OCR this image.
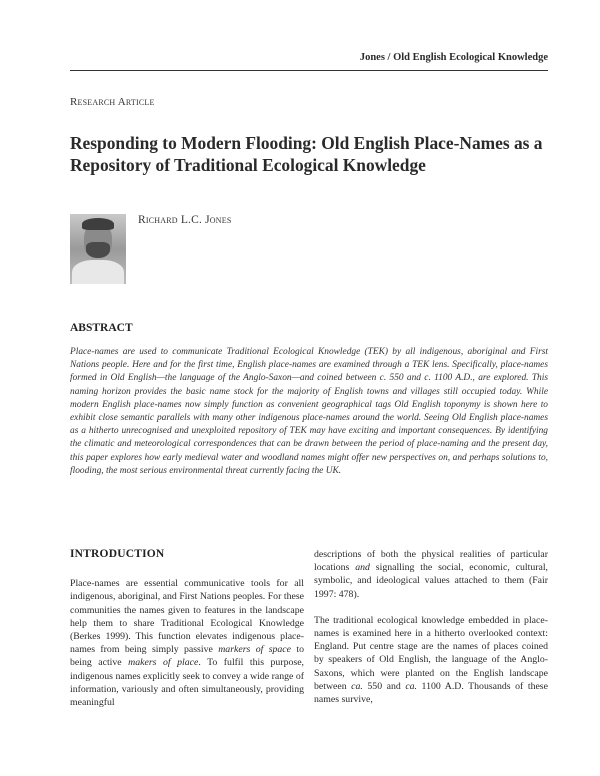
Jones / Old English Ecological Knowledge
Research Article
Responding to Modern Flooding: Old English Place-Names as a Repository of Traditional Ecological Knowledge
Richard L.C. Jones
ABSTRACT

Place-names are used to communicate Traditional Ecological Knowledge (TEK) by all indigenous, aboriginal and First Nations people. Here and for the first time, English place-names are examined through a TEK lens. Specifically, place-names formed in Old English—the language of the Anglo-Saxon—and coined between c. 550 and c. 1100 A.D., are explored. This naming horizon provides the basic name stock for the majority of English towns and villages still occupied today. While modern English place-names now simply function as convenient geographical tags Old English toponymy is shown here to exhibit close semantic parallels with many other indigenous place-names around the world. Seeing Old English place-names as a hitherto unrecognised and unexploited repository of TEK may have exciting and important consequences. By identifying the climatic and meteorological correspondences that can be drawn between the period of place-naming and the present day, this paper explores how early medieval water and woodland names might offer new perspectives on, and perhaps solutions to, flooding, the most serious environmental threat currently facing the UK.

INTRODUCTION

Place-names are essential communicative tools for all indigenous, aboriginal, and First Nations peoples. For these communities the names given to features in the landscape help them to share Traditional Ecological Knowledge (Berkes 1999). This function elevates indigenous place-names from being simply passive markers of space to being active makers of place. To fulfil this purpose, indigenous names explicitly seek to convey a wide range of information, variously and often simultaneously, providing meaningful

descriptions of both the physical realities of particular locations and signalling the social, economic, cultural, symbolic, and ideological values attached to them (Fair 1997: 478).

The traditional ecological knowledge embedded in place-names is examined here in a hitherto overlooked context: England. Put centre stage are the names of places coined by speakers of Old English, the language of the Anglo-Saxons, which were planted on the English landscape between ca. 550 and ca. 1100 A.D. Thousands of these names survive,
